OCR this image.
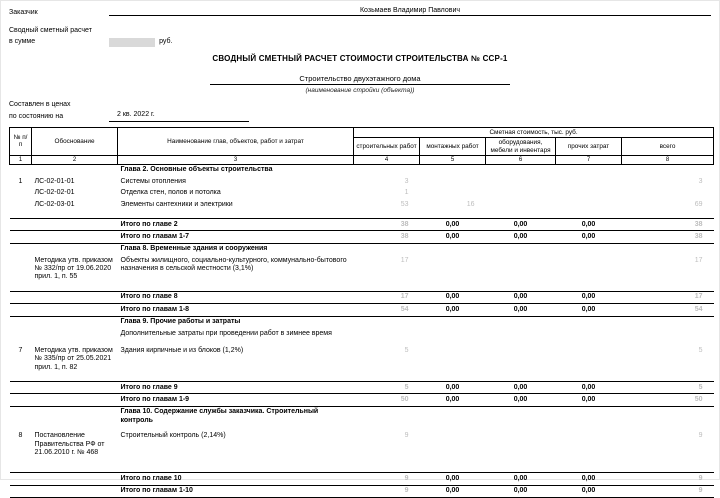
Заказчик	Козьмаев Владимир Павлович
Сводный сметный расчет
в сумме	руб.
СВОДНЫЙ СМЕТНЫЙ РАСЧЕТ СТОИМОСТИ СТРОИТЕЛЬСТВА № ССР-1
Строительство двухэтажного дома
(наименование стройки (объекта))
Составлен в ценах
по состоянию на	2 кв. 2022 г.
№ п/п	Обоснование	Наименование глав, объектов, работ и затрат	Сметная стоимость, тыс. руб.				
			строительных работ	монтажных работ	оборудования, мебели и инвентаря	прочих затрат	всего
1	2	3	4	5	6	7	8
		Глава 2. Основные объекты строительства					
1	ЛС-02-01-01	Системы отопления	3				3
	ЛС-02-02-01	Отделка стен, полов и потолка	1				
	ЛС-02-03-01	Элементы сантехники и электрики	53	16			69

		Итого по главе 2	38	0,00	0,00	0,00	38
		Итого по главам 1-7	38	0,00	0,00	0,00	38
		Глава 8. Временные здания и сооружения					
	Методика утв. приказом № 332/пр от 19.06.2020 прил. 1, п. 55	Объекты жилищного, социально-культурного, коммунально-бытового назначения в сельской местности (3,1%)	17				17

		Итого по главе 8	17	0,00	0,00	0,00	17
		Итого по главам 1-8	54	0,00	0,00	0,00	54
		Глава 9. Прочие работы и затраты					
		Дополнительные затраты при проведении работ в зимнее время					

7	Методика утв. приказом № 335/пр от 25.05.2021 прил. 1, п. 82	Здания кирпичные и из блоков (1,2%)	5				5

		Итого по главе 9	5	0,00	0,00	0,00	5
		Итого по главам 1-9	50	0,00	0,00	0,00	50
		Глава 10. Содержание службы заказчика. Строительный контроль					

8	Постановление Правительства РФ от 21.06.2010 г. № 468	Строительный контроль (2,14%)	9				9

		Итого по главе 10	9	0,00	0,00	0,00	9
		Итого по главам 1-10	9	0,00	0,00	0,00	9
